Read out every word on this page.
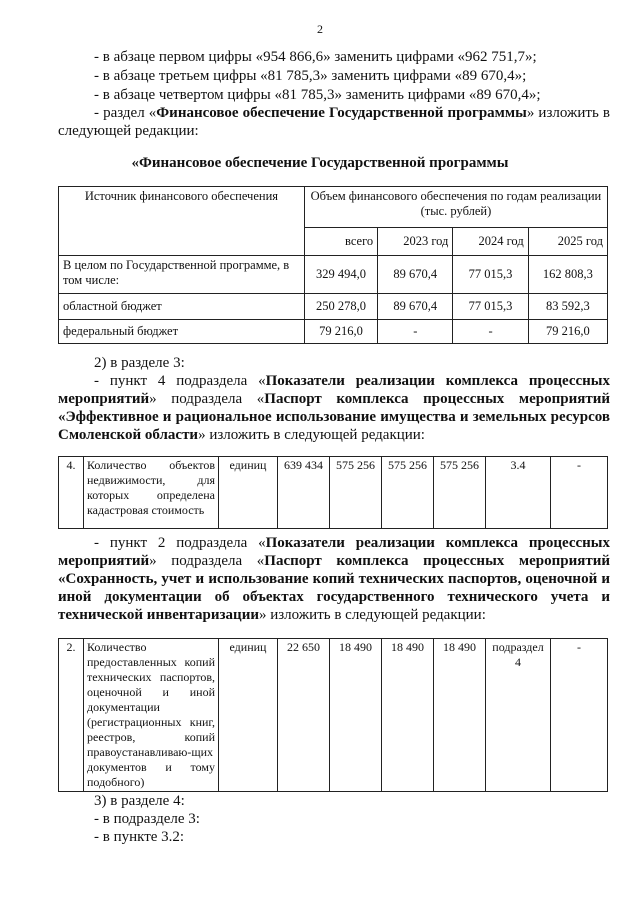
2

- в абзаце первом цифры «954 866,6» заменить цифрами «962 751,7»;

- в абзаце третьем цифры «81 785,3» заменить цифрами «89 670,4»;

- в абзаце четвертом цифры «81 785,3» заменить цифрами «89 670,4»;

- раздел «Финансовое обеспечение Государственной программы» изложить в следующей редакции:

«Финансовое обеспечение Государственной программы
Источник финансового обеспечения	Объем финансового обеспечения по годам реализации (тыс. рублей)			
	всего	2023 год	2024 год	2025 год
В целом по Государственной программе, в том числе:	329 494,0	89 670,4	77 015,3	162 808,3
областной бюджет	250 278,0	89 670,4	77 015,3	83 592,3
федеральный бюджет	79 216,0	-	-	79 216,0

2) в разделе 3:

- пункт 4 подраздела «Показатели реализации комплекса процессных мероприятий» подраздела «Паспорт комплекса процессных мероприятий «Эффективное и рациональное использование имущества и земельных ресурсов Смоленской области» изложить в следующей редакции:

4.	Количество объектов недвижимости, для которых определена кадастровая стоимость	единиц	639 434	575 256	575 256	575 256	3.4	-

- пункт 2 подраздела «Показатели реализации комплекса процессных мероприятий» подраздела «Паспорт комплекса процессных мероприятий «Сохранность, учет и использование копий технических паспортов, оценочной и иной документации об объектах государственного технического учета и технической инвентаризации» изложить в следующей редакции:

2.	Количество предоставленных копий технических паспортов, оценочной и иной документации (регистрационных книг, реестров, копий правоустанавливаю-щих документов и тому подобного)	единиц	22 650	18 490	18 490	18 490	подраздел 4	-

3) в разделе 4:

- в подразделе 3:

- в пункте 3.2:
